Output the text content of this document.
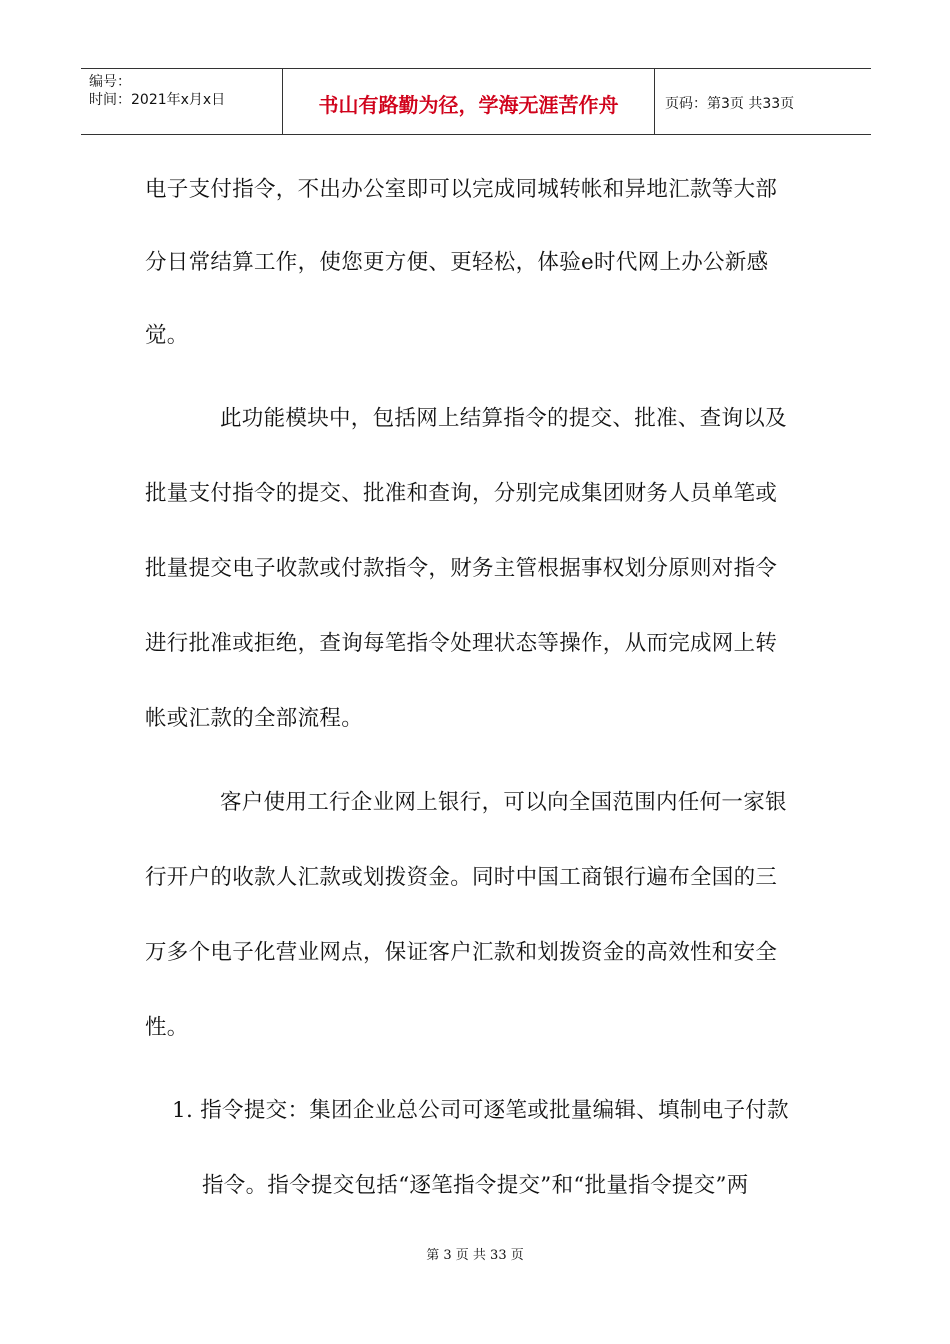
编号：
时间：2021年x月x日	书山有路勤为径，学海无涯苦作舟	页码：第3页 共33页
电子支付指令，不出办公室即可以完成同城转帐和异地汇款等大部
分日常结算工作，使您更方便、更轻松，体验e时代网上办公新感
觉。
此功能模块中，包括网上结算指令的提交、批准、查询以及
批量支付指令的提交、批准和查询，分别完成集团财务人员单笔或
批量提交电子收款或付款指令，财务主管根据事权划分原则对指令
进行批准或拒绝，查询每笔指令处理状态等操作，从而完成网上转
帐或汇款的全部流程。
客户使用工行企业网上银行，可以向全国范围内任何一家银
行开户的收款人汇款或划拨资金。同时中国工商银行遍布全国的三
万多个电子化营业网点，保证客户汇款和划拨资金的高效性和安全
性。
1. 指令提交：集团企业总公司可逐笔或批量编辑、填制电子付款
指令。指令提交包括“逐笔指令提交”和“批量指令提交”两
第 3 页 共 33 页
